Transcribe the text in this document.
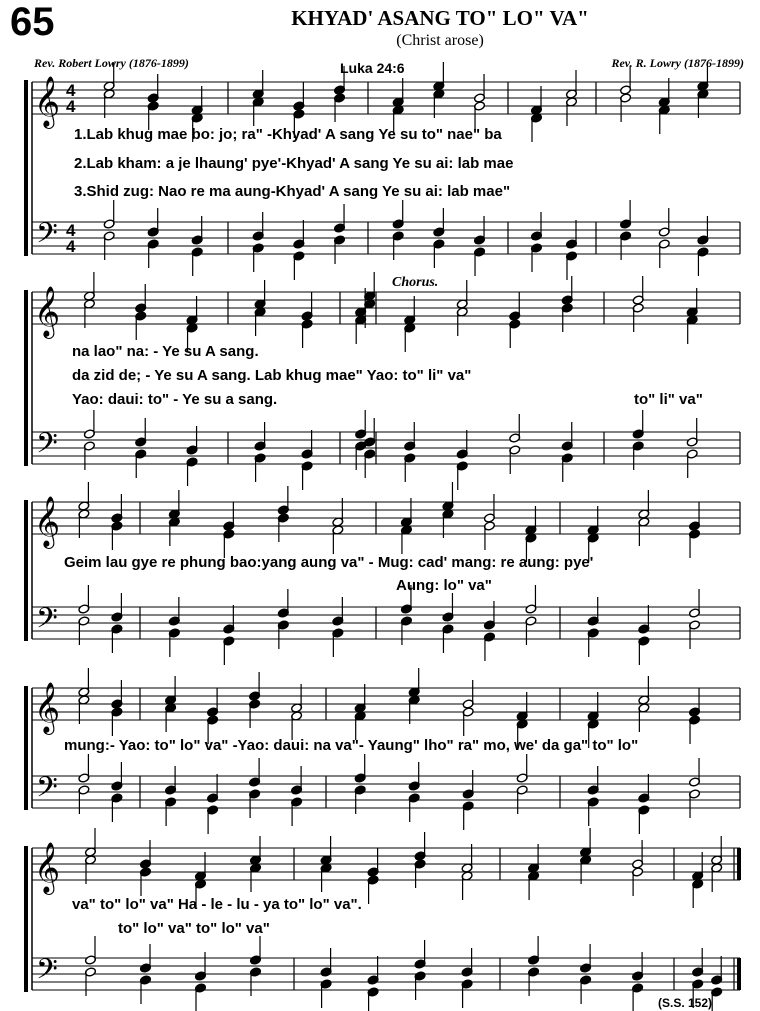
65	KHYAD' ASANG TO" LO" VA"
(Christ arose)
Rev. Robert Lowry (1876-1899)	Luka 24:6	Rev. R. Lowry (1876-1899)
𝄞
𝄢
4
4
4
4
𝄞
𝄢
𝄞
𝄢
𝄞
𝄢
𝄞
𝄢
Chorus.
1.Lab khug mae bo: jo; ra" -Khyad' A sang Ye su to" nae" ba
2.Lab kham: a je lhaung' pye'-Khyad' A sang Ye su ai: lab mae
3.Shid zug: Nao re ma aung-Khyad' A sang Ye su ai: lab mae"
na lao" na: - Ye su A sang.
da zid de; - Ye su A sang. Lab khug mae" Yao: to" li" va"
Yao: daui: to" - Ye su a sang.	to" li" va"
Geim lau gye re phung bao:yang aung va" - Mug: cad' mang: re aung: pye'
Aung: lo" va"
mung:- Yao: to" lo" va" -Yao: daui: na va"- Yaung" lho" ra" mo, we' da ga" to" lo"
va" to" lo" va" Ha - le - lu - ya to" lo" va".
to" lo" va" to" lo" va"
(S.S. 152)
